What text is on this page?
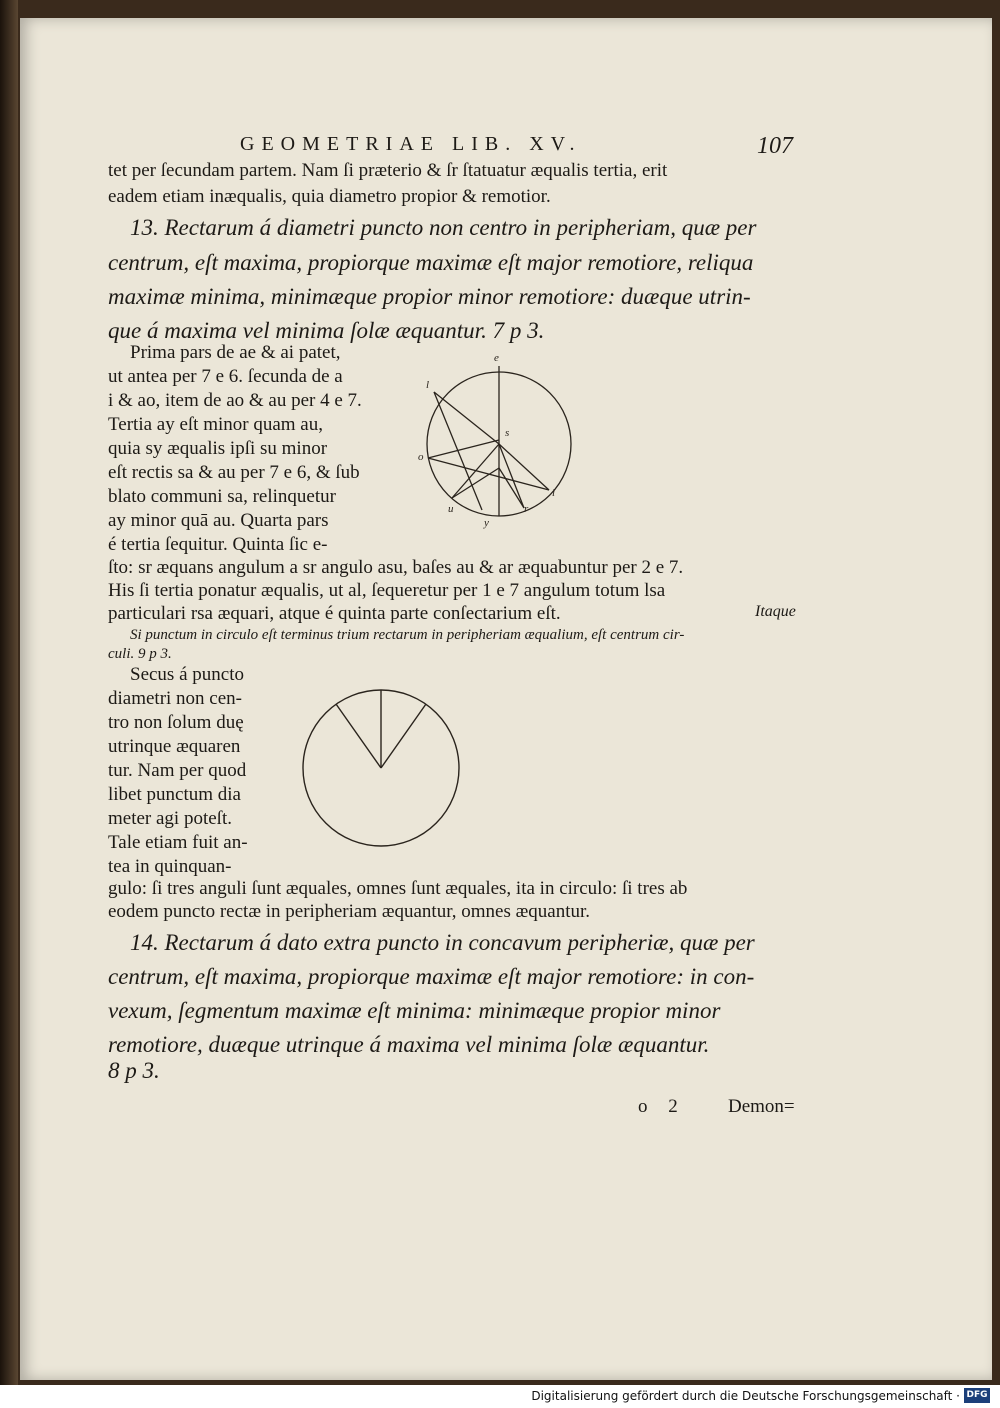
GEOMETRIAE LIB. XV.	107
tet per ſecundam partem. Nam ſi præterio & ſr ſtatuatur æqualis tertia, erit
eadem etiam inæqualis, quia diametro propior & remotior.
13. Rectarum á diametri puncto non centro in peripheriam, quæ per
centrum, eſt maxima, propiorque maximæ eſt major remotiore, reliqua
maximæ minima, minimæque propior minor remotiore: duæque utrin-
que á maxima vel minima ſolæ æquantur. 7 p 3.
Prima pars de ae & ai patet,
ut antea per 7 e 6. ſecunda de a
i & ao, item de ao & au per 4 e 7.
Tertia ay eſt minor quam au,
quia sy æqualis ipſi su minor
eſt rectis sa & au per 7 e 6, & ſub
blato communi sa, relinquetur
ay minor quā au. Quarta pars
é tertia ſequitur. Quinta ſic e-
e
l
s
o
l
u
y
r
ſto: sr æquans angulum a sr angulo asu, baſes au & ar æquabuntur per 2 e 7.
His ſi tertia ponatur æqualis, ut al, ſequeretur per 1 e 7 angulum totum lsa
particulari rsa æquari, atque é quinta parte conſectarium eſt.	Itaque
Si punctum in circulo eſt terminus trium rectarum in peripheriam æqualium, eſt centrum cir-
culi. 9 p 3.
Secus á puncto
diametri non cen-
tro non ſolum duę
utrinque æquaren
tur. Nam per quod
libet punctum dia
meter agi poteſt.
Tale etiam fuit an-
tea in quinquan-
gulo: ſi tres anguli ſunt æquales, omnes ſunt æquales, ita in circulo: ſi tres ab
eodem puncto rectæ in peripheriam æquantur, omnes æquantur.
14. Rectarum á dato extra puncto in concavum peripheriæ, quæ per
centrum, eſt maxima, propiorque maximæ eſt major remotiore: in con-
vexum, ſegmentum maximæ eſt minima: minimæque propior minor
remotiore, duæque utrinque á maxima vel minima ſolæ æquantur.
8 p 3.
o 2 Demon=
Digitalisierung gefördert durch die Deutsche Forschungsgemeinschaft · DFG
